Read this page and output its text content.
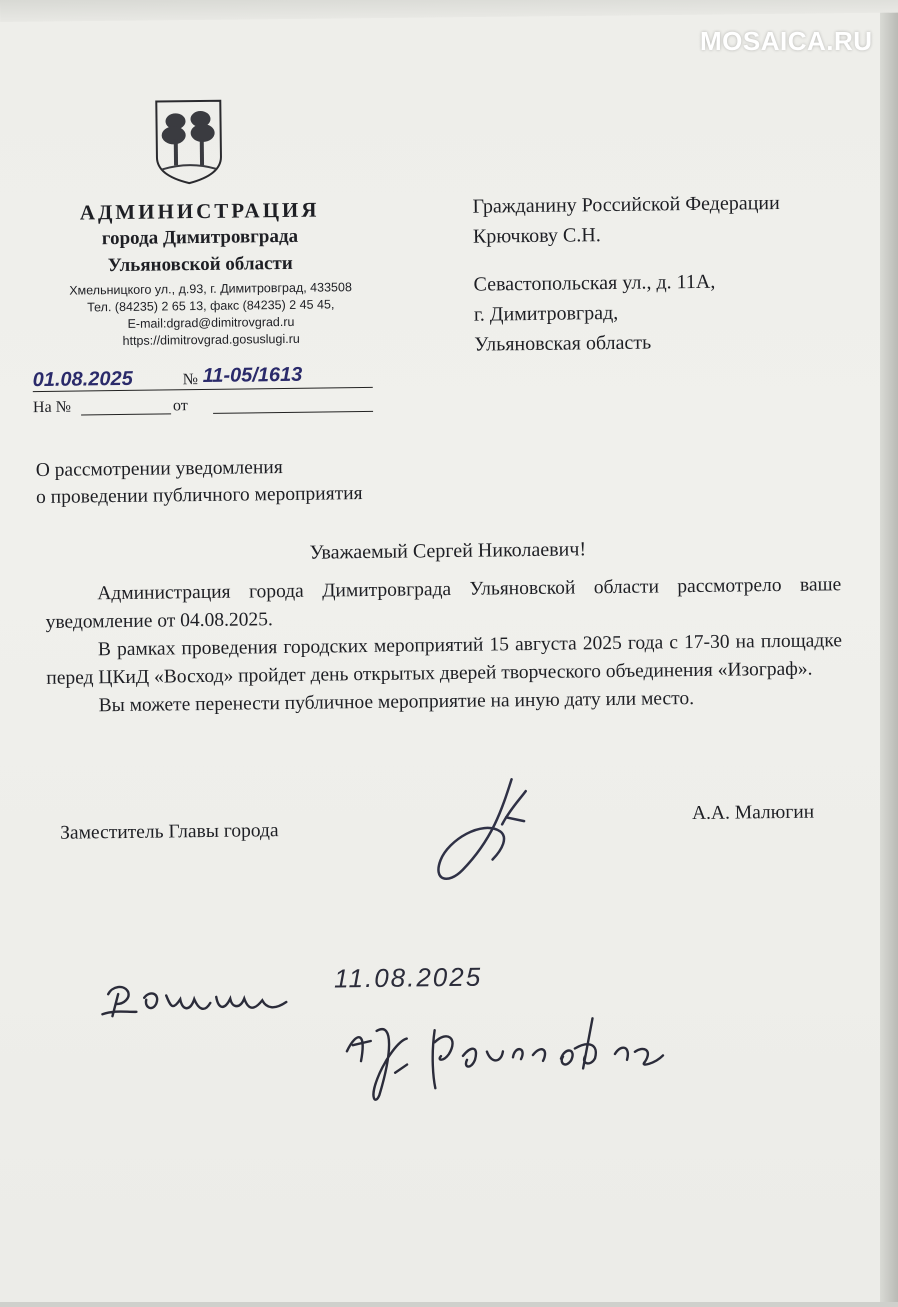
MOSAICA.RU
АДМИНИСТРАЦИЯ
города Димитровграда
Ульяновской области
Хмельницкого ул., д.93, г. Димитровград, 433508
Тел. (84235) 2 65 13, факс (84235) 2 45 45,
E-mail:dgrad@dimitrovgrad.ru
https://dimitrovgrad.gosuslugi.ru
01.08.2025	№ 11-05/1613
На №	от
Гражданину Российской Федерации
Крючкову С.Н.
Севастопольская ул., д. 11А,
г. Димитровград,
Ульяновская область
О рассмотрении уведомления
о проведении публичного мероприятия
Уважаемый Сергей Николаевич!

Администрация города Димитровграда Ульяновской области рассмотрело ваше уведомление от 04.08.2025.

В рамках проведения городских мероприятий 15 августа 2025 года с 17-30 на площадке перед ЦКиД «Восход» пройдет день открытых дверей творческого объединения «Изограф».

Вы можете перенести публичное мероприятие на иную дату или место.

Заместитель Главы города
А.А. Малюгин
11.08.2025
